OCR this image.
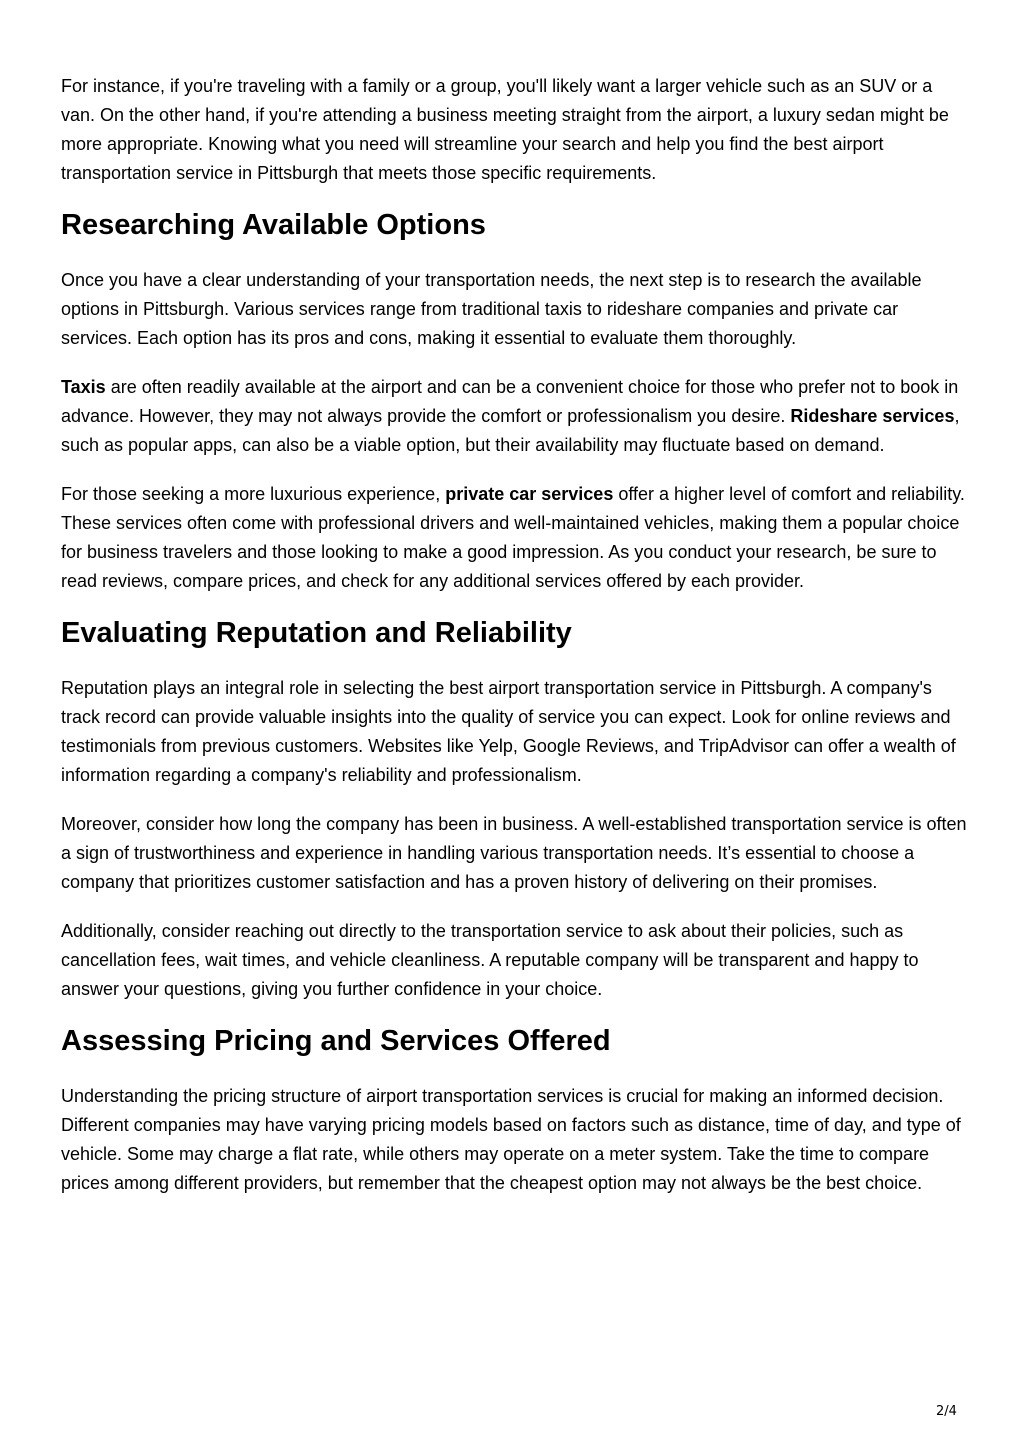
For instance, if you're traveling with a family or a group, you'll likely want a larger vehicle such as an SUV or a van. On the other hand, if you're attending a business meeting straight from the airport, a luxury sedan might be more appropriate. Knowing what you need will streamline your search and help you find the best airport transportation service in Pittsburgh that meets those specific requirements.

Researching Available Options

Once you have a clear understanding of your transportation needs, the next step is to research the available options in Pittsburgh. Various services range from traditional taxis to rideshare companies and private car services. Each option has its pros and cons, making it essential to evaluate them thoroughly.

Taxis are often readily available at the airport and can be a convenient choice for those who prefer not to book in advance. However, they may not always provide the comfort or professionalism you desire. Rideshare services, such as popular apps, can also be a viable option, but their availability may fluctuate based on demand.

For those seeking a more luxurious experience, private car services offer a higher level of comfort and reliability. These services often come with professional drivers and well-maintained vehicles, making them a popular choice for business travelers and those looking to make a good impression. As you conduct your research, be sure to read reviews, compare prices, and check for any additional services offered by each provider.

Evaluating Reputation and Reliability

Reputation plays an integral role in selecting the best airport transportation service in Pittsburgh. A company's track record can provide valuable insights into the quality of service you can expect. Look for online reviews and testimonials from previous customers. Websites like Yelp, Google Reviews, and TripAdvisor can offer a wealth of information regarding a company's reliability and professionalism.

Moreover, consider how long the company has been in business. A well-established transportation service is often a sign of trustworthiness and experience in handling various transportation needs. It’s essential to choose a company that prioritizes customer satisfaction and has a proven history of delivering on their promises.

Additionally, consider reaching out directly to the transportation service to ask about their policies, such as cancellation fees, wait times, and vehicle cleanliness. A reputable company will be transparent and happy to answer your questions, giving you further confidence in your choice.

Assessing Pricing and Services Offered

Understanding the pricing structure of airport transportation services is crucial for making an informed decision. Different companies may have varying pricing models based on factors such as distance, time of day, and type of vehicle. Some may charge a flat rate, while others may operate on a meter system. Take the time to compare prices among different providers, but remember that the cheapest option may not always be the best choice.

2/4
